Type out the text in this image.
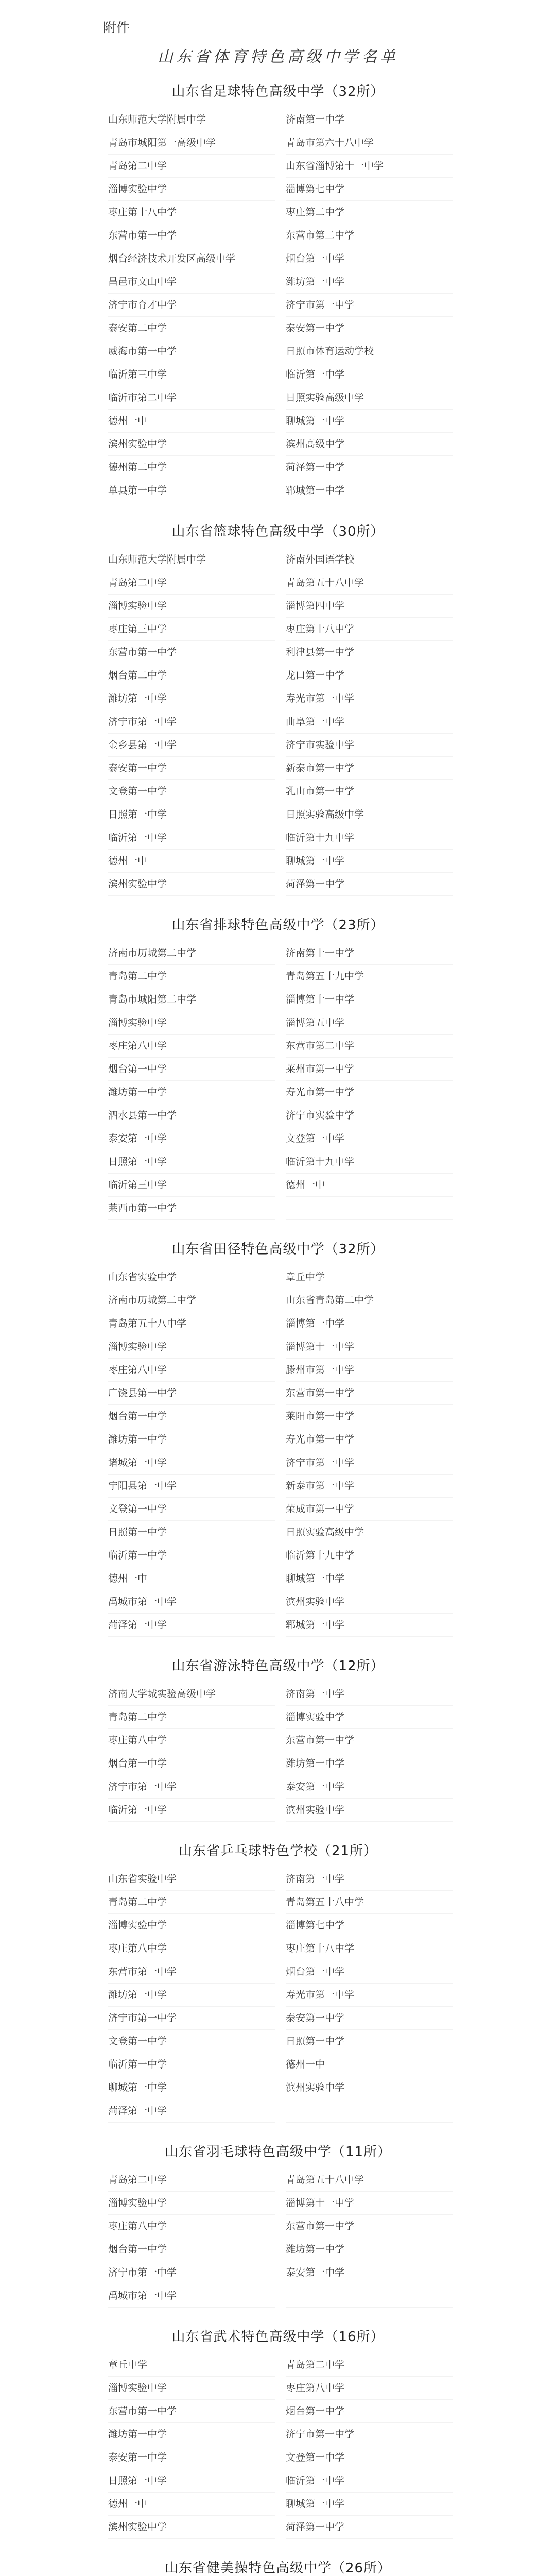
附件
山东省体育特色高级中学名单
山东省足球特色高级中学（32所）
山东师范大学附属中学	济南第一中学
青岛市城阳第一高级中学	青岛市第六十八中学
青岛第二中学	山东省淄博第十一中学
淄博实验中学	淄博第七中学
枣庄第十八中学	枣庄第二中学
东营市第一中学	东营市第二中学
烟台经济技术开发区高级中学	烟台第一中学
昌邑市文山中学	潍坊第一中学
济宁市育才中学	济宁市第一中学
泰安第二中学	泰安第一中学
威海市第一中学	日照市体育运动学校
临沂第三中学	临沂第一中学
临沂市第二中学	日照实验高级中学
德州一中	聊城第一中学
滨州实验中学	滨州高级中学
德州第二中学	菏泽第一中学
单县第一中学	郓城第一中学
山东省篮球特色高级中学（30所）
山东师范大学附属中学	济南外国语学校
青岛第二中学	青岛第五十八中学
淄博实验中学	淄博第四中学
枣庄第三中学	枣庄第十八中学
东营市第一中学	利津县第一中学
烟台第二中学	龙口第一中学
潍坊第一中学	寿光市第一中学
济宁市第一中学	曲阜第一中学
金乡县第一中学	济宁市实验中学
泰安第一中学	新泰市第一中学
文登第一中学	乳山市第一中学
日照第一中学	日照实验高级中学
临沂第一中学	临沂第十九中学
德州一中	聊城第一中学
滨州实验中学	菏泽第一中学
山东省排球特色高级中学（23所）
济南市历城第二中学	济南第十一中学
青岛第二中学	青岛第五十九中学
青岛市城阳第二中学	淄博第十一中学
淄博实验中学	淄博第五中学
枣庄第八中学	东营市第二中学
烟台第一中学	莱州市第一中学
潍坊第一中学	寿光市第一中学
泗水县第一中学	济宁市实验中学
泰安第一中学	文登第一中学
日照第一中学	临沂第十九中学
临沂第三中学	德州一中
莱西市第一中学
山东省田径特色高级中学（32所）
山东省实验中学	章丘中学
济南市历城第二中学	山东省青岛第二中学
青岛第五十八中学	淄博第一中学
淄博实验中学	淄博第十一中学
枣庄第八中学	滕州市第一中学
广饶县第一中学	东营市第一中学
烟台第一中学	莱阳市第一中学
潍坊第一中学	寿光市第一中学
诸城第一中学	济宁市第一中学
宁阳县第一中学	新泰市第一中学
文登第一中学	荣成市第一中学
日照第一中学	日照实验高级中学
临沂第一中学	临沂第十九中学
德州一中	聊城第一中学
禹城市第一中学	滨州实验中学
菏泽第一中学	郓城第一中学
山东省游泳特色高级中学（12所）
济南大学城实验高级中学	济南第一中学
青岛第二中学	淄博实验中学
枣庄第八中学	东营市第一中学
烟台第一中学	潍坊第一中学
济宁市第一中学	泰安第一中学
临沂第一中学	滨州实验中学
山东省乒乓球特色学校（21所）
山东省实验中学	济南第一中学
青岛第二中学	青岛第五十八中学
淄博实验中学	淄博第七中学
枣庄第八中学	枣庄第十八中学
东营市第一中学	烟台第一中学
潍坊第一中学	寿光市第一中学
济宁市第一中学	泰安第一中学
文登第一中学	日照第一中学
临沂第一中学	德州一中
聊城第一中学	滨州实验中学
菏泽第一中学
山东省羽毛球特色高级中学（11所）
青岛第二中学	青岛第五十八中学
淄博实验中学	淄博第十一中学
枣庄第八中学	东营市第一中学
烟台第一中学	潍坊第一中学
济宁市第一中学	泰安第一中学
禹城市第一中学
山东省武术特色高级中学（16所）
章丘中学	青岛第二中学
淄博实验中学	枣庄第八中学
东营市第一中学	烟台第一中学
潍坊第一中学	济宁市第一中学
泰安第一中学	文登第一中学
日照第一中学	临沂第一中学
德州一中	聊城第一中学
滨州实验中学	菏泽第一中学
山东省健美操特色高级中学（26所）
